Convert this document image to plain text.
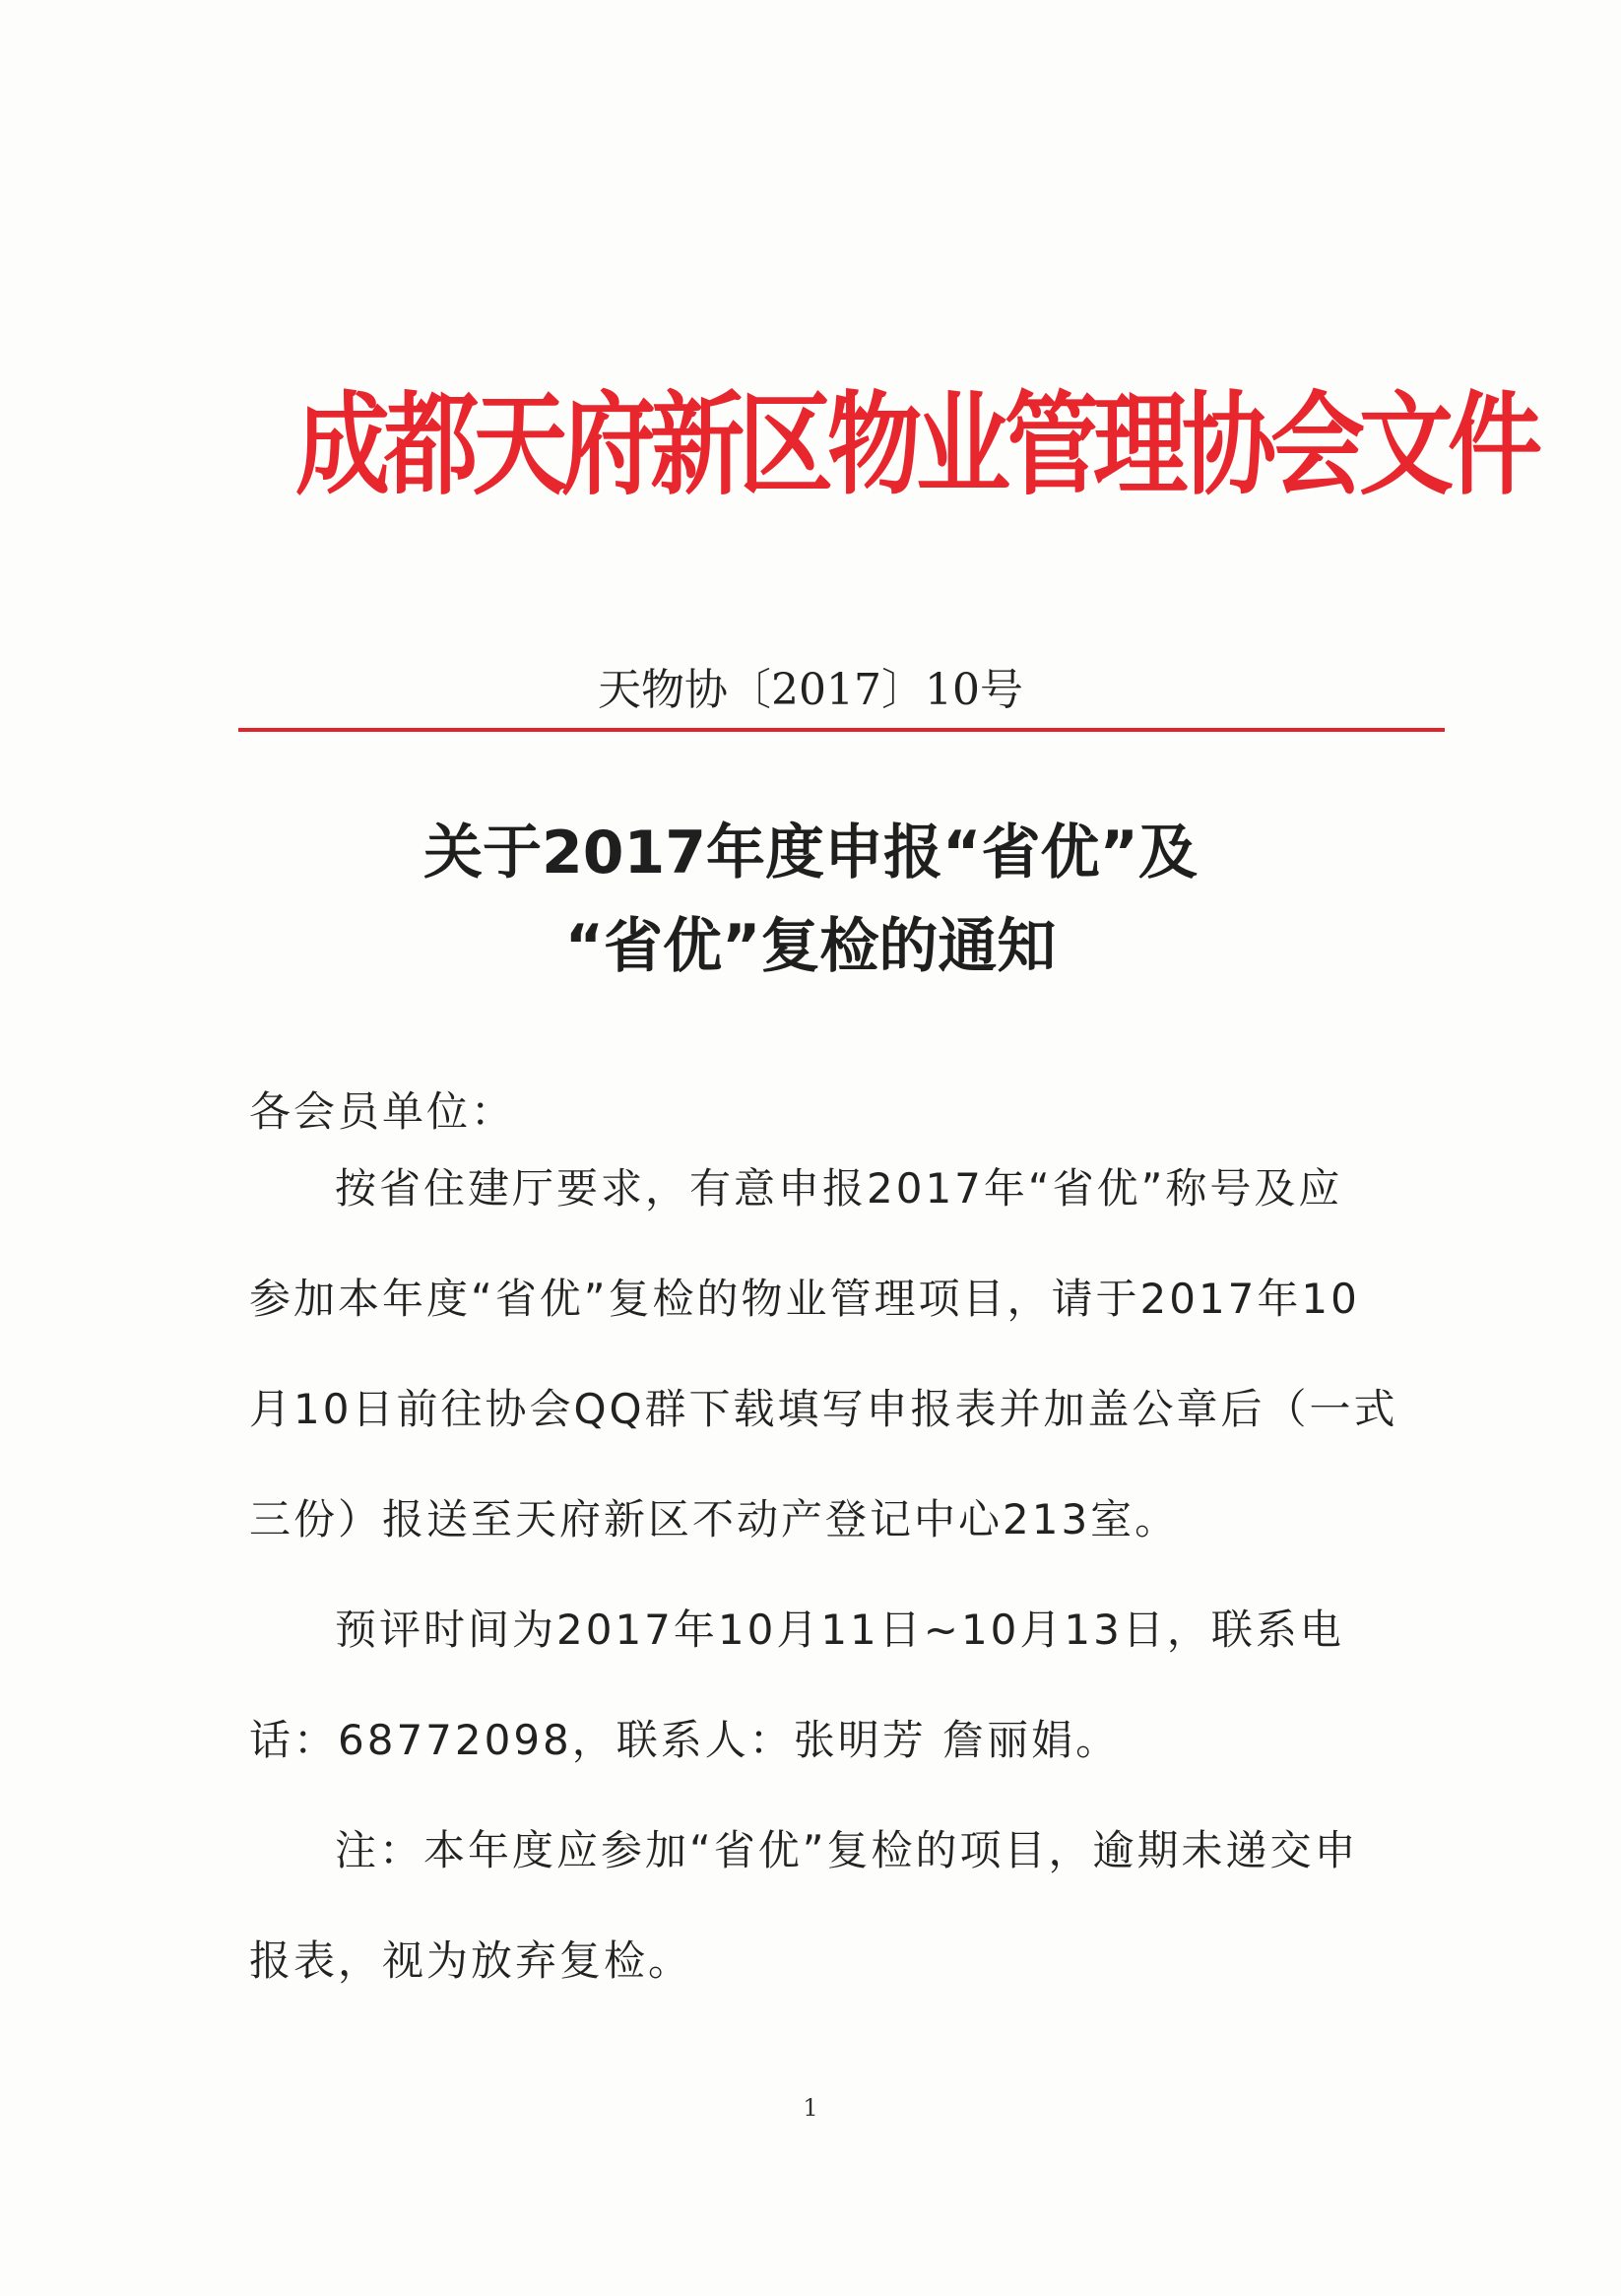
成都天府新区物业管理协会文件
天物协〔2017〕10号
关于2017年度申报“省优”及
“省优”复检的通知
各会员单位：
按省住建厅要求，有意申报2017年“省优”称号及应
参加本年度“省优”复检的物业管理项目，请于2017年10
月10日前往协会QQ群下载填写申报表并加盖公章后（一式
三份）报送至天府新区不动产登记中心213室。
预评时间为2017年10月11日~10月13日，联系电
话：68772098，联系人：张明芳 詹丽娟。
注：本年度应参加“省优”复检的项目，逾期未递交申
报表，视为放弃复检。
1
